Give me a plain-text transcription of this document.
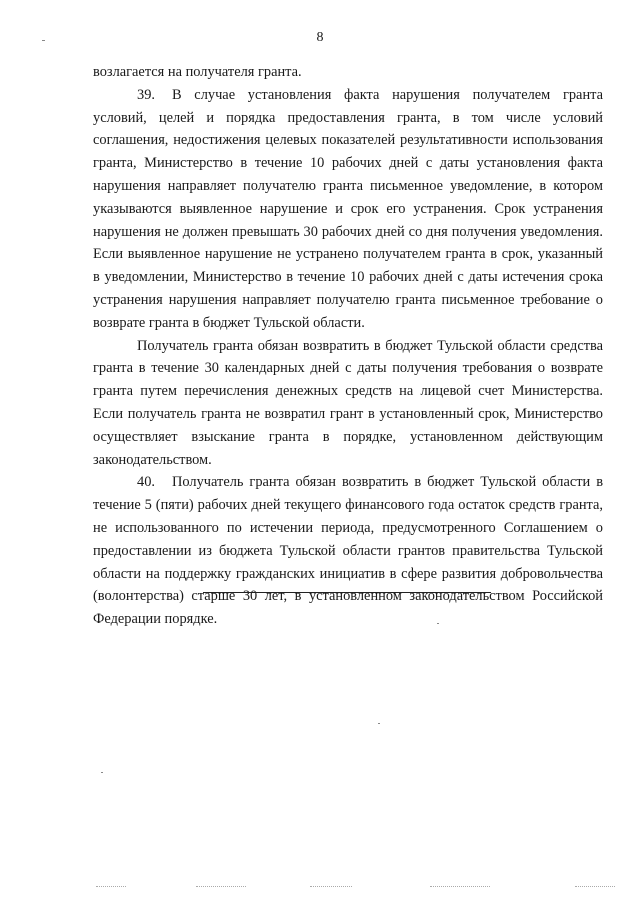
8

возлагается на получателя гранта.

39. В случае установления факта нарушения получателем гранта условий, целей и порядка предоставления гранта, в том числе условий соглашения, недостижения целевых показателей результативности использования гранта, Министерство в течение 10 рабочих дней с даты установления факта нарушения направляет получателю гранта письменное уведомление, в котором указываются выявленное нарушение и срок его устранения. Срок устранения нарушения не должен превышать 30 рабочих дней со дня получения уведомления. Если выявленное нарушение не устранено получателем гранта в срок, указанный в уведомлении, Министерство в течение 10 рабочих дней с даты истечения срока устранения нарушения направляет получателю гранта письменное требование о возврате гранта в бюджет Тульской области.

Получатель гранта обязан возвратить в бюджет Тульской области средства гранта в течение 30 календарных дней с даты получения требования о возврате гранта путем перечисления денежных средств на лицевой счет Министерства. Если получатель гранта не возвратил грант в установленный срок, Министерство осуществляет взыскание гранта в порядке, установленном действующим законодательством.

40. Получатель гранта обязан возвратить в бюджет Тульской области в течение 5 (пяти) рабочих дней текущего финансового года остаток средств гранта, не использованного по истечении периода, предусмотренного Соглашением о предоставлении из бюджета Тульской области грантов правительства Тульской области на поддержку гражданских инициатив в сфере развития добровольчества (волонтерства) старше 30 лет, в установленном законодательством Российской Федерации порядке.
